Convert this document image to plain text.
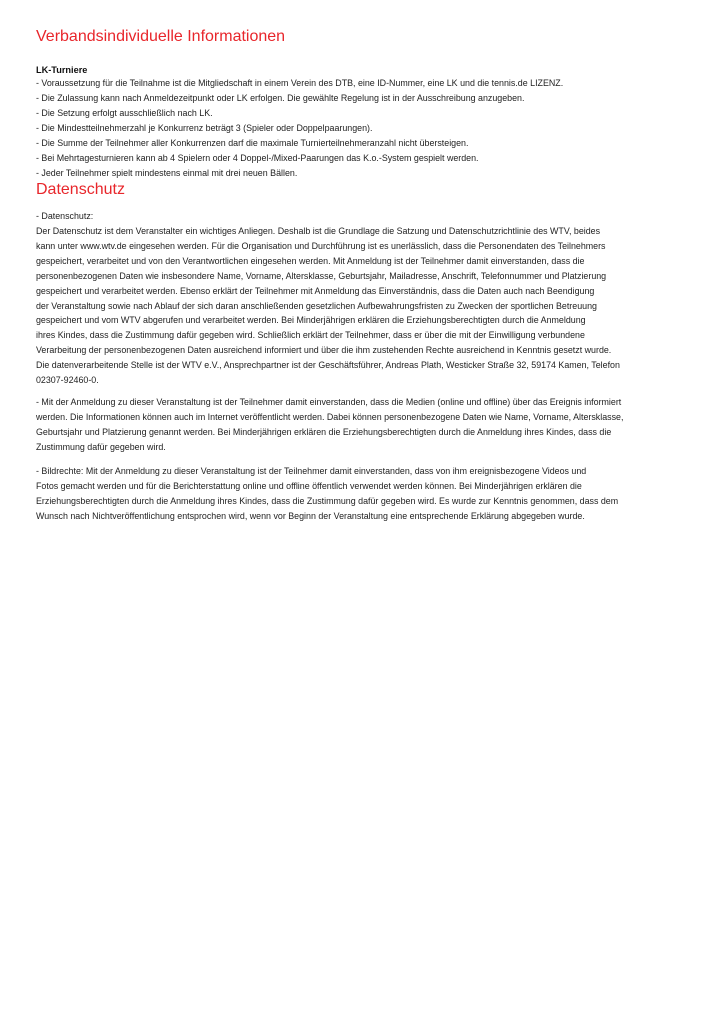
Verbandsindividuelle Informationen
LK-Turniere
- Voraussetzung für die Teilnahme ist die Mitgliedschaft in einem Verein des DTB, eine ID-Nummer, eine LK und die tennis.de LIZENZ.
- Die Zulassung kann nach Anmeldezeitpunkt oder LK erfolgen. Die gewählte Regelung ist in der Ausschreibung anzugeben.
- Die Setzung erfolgt ausschließlich nach LK.
- Die Mindestteilnehmerzahl je Konkurrenz beträgt 3 (Spieler oder Doppelpaarungen).
- Die Summe der Teilnehmer aller Konkurrenzen darf die maximale Turnierteilnehmeranzahl nicht übersteigen.
- Bei Mehrtagesturnieren kann ab 4 Spielern oder 4 Doppel-/Mixed-Paarungen das K.o.-System gespielt werden.
- Jeder Teilnehmer spielt mindestens einmal mit drei neuen Bällen.
Datenschutz

- Datenschutz:

Der Datenschutz ist dem Veranstalter ein wichtiges Anliegen. Deshalb ist die Grundlage die Satzung und Datenschutzrichtlinie des WTV, beides
kann unter www.wtv.de eingesehen werden. Für die Organisation und Durchführung ist es unerlässlich, dass die Personendaten des Teilnehmers
gespeichert, verarbeitet und von den Verantwortlichen eingesehen werden. Mit Anmeldung ist der Teilnehmer damit einverstanden, dass die
personenbezogenen Daten wie insbesondere Name, Vorname, Altersklasse, Geburtsjahr, Mailadresse, Anschrift, Telefonnummer und Platzierung
gespeichert und verarbeitet werden. Ebenso erklärt der Teilnehmer mit Anmeldung das Einverständnis, dass die Daten auch nach Beendigung
der Veranstaltung sowie nach Ablauf der sich daran anschließenden gesetzlichen Aufbewahrungsfristen zu Zwecken der sportlichen Betreuung
gespeichert und vom WTV abgerufen und verarbeitet werden. Bei Minderjährigen erklären die Erziehungsberechtigten durch die Anmeldung
ihres Kindes, dass die Zustimmung dafür gegeben wird. Schließlich erklärt der Teilnehmer, dass er über die mit der Einwilligung verbundene
Verarbeitung der personenbezogenen Daten ausreichend informiert und über die ihm zustehenden Rechte ausreichend in Kenntnis gesetzt wurde.
Die datenverarbeitende Stelle ist der WTV e.V., Ansprechpartner ist der Geschäftsführer, Andreas Plath, Westicker Straße 32, 59174 Kamen, Telefon
02307-92460-0.

- Mit der Anmeldung zu dieser Veranstaltung ist der Teilnehmer damit einverstanden, dass die Medien (online und offline) über das Ereignis informiert
werden. Die Informationen können auch im Internet veröffentlicht werden. Dabei können personenbezogene Daten wie Name, Vorname, Altersklasse,
Geburtsjahr und Platzierung genannt werden. Bei Minderjährigen erklären die Erziehungsberechtigten durch die Anmeldung ihres Kindes, dass die
Zustimmung dafür gegeben wird.

- Bildrechte: Mit der Anmeldung zu dieser Veranstaltung ist der Teilnehmer damit einverstanden, dass von ihm ereignisbezogene Videos und
Fotos gemacht werden und für die Berichterstattung online und offline öffentlich verwendet werden können. Bei Minderjährigen erklären die
Erziehungsberechtigten durch die Anmeldung ihres Kindes, dass die Zustimmung dafür gegeben wird. Es wurde zur Kenntnis genommen, dass dem
Wunsch nach Nichtveröffentlichung entsprochen wird, wenn vor Beginn der Veranstaltung eine entsprechende Erklärung abgegeben wurde.
